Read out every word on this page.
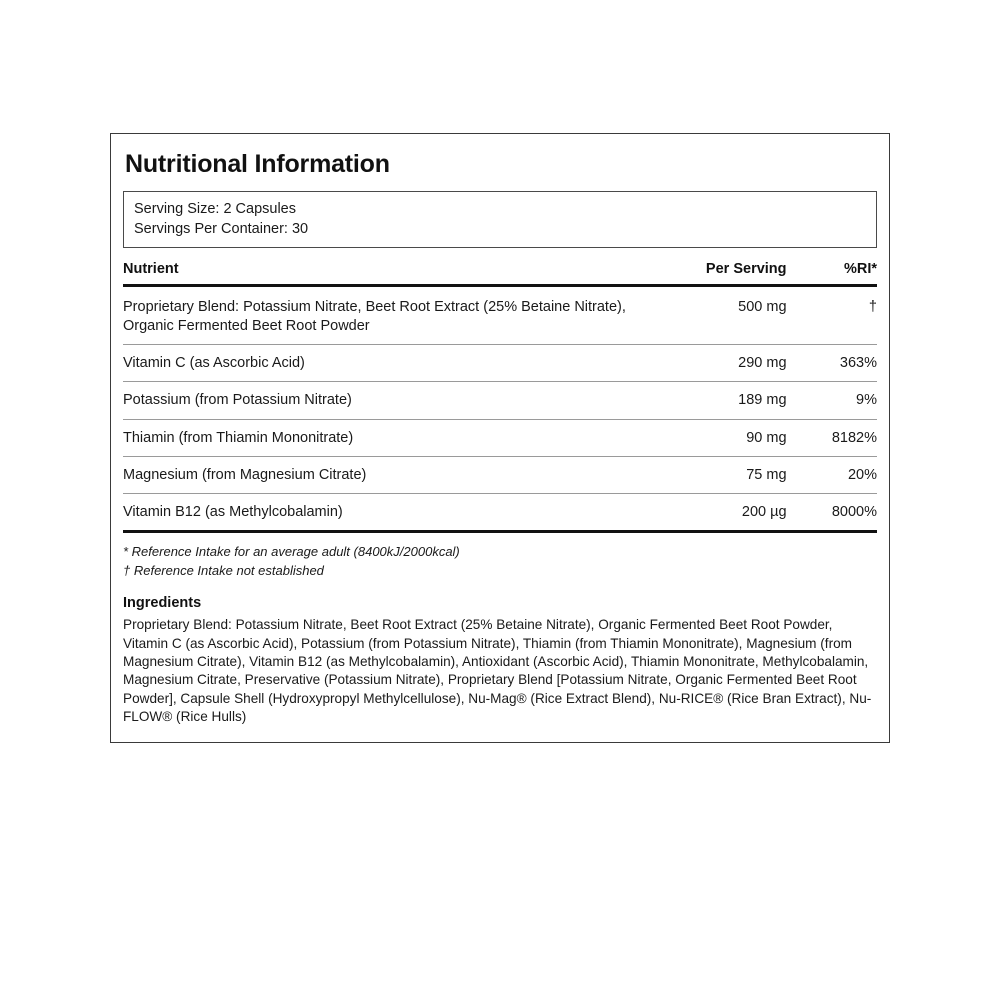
Nutritional Information
Serving Size: 2 Capsules
Servings Per Container: 30
Nutrient	Per Serving	%RI*
Proprietary Blend: Potassium Nitrate, Beet Root Extract (25% Betaine Nitrate), Organic Fermented Beet Root Powder	500 mg	†
Vitamin C (as Ascorbic Acid)	290 mg	363%
Potassium (from Potassium Nitrate)	189 mg	9%
Thiamin (from Thiamin Mononitrate)	90 mg	8182%
Magnesium (from Magnesium Citrate)	75 mg	20%
Vitamin B12 (as Methylcobalamin)	200 µg	8000%
* Reference Intake for an average adult (8400kJ/2000kcal)
† Reference Intake not established
Ingredients
Proprietary Blend: Potassium Nitrate, Beet Root Extract (25% Betaine Nitrate), Organic Fermented Beet Root Powder, Vitamin C (as Ascorbic Acid), Potassium (from Potassium Nitrate), Thiamin (from Thiamin Mononitrate), Magnesium (from Magnesium Citrate), Vitamin B12 (as Methylcobalamin), Antioxidant (Ascorbic Acid), Thiamin Mononitrate, Methylcobalamin, Magnesium Citrate, Preservative (Potassium Nitrate), Proprietary Blend [Potassium Nitrate, Organic Fermented Beet Root Powder], Capsule Shell (Hydroxypropyl Methylcellulose), Nu-Mag® (Rice Extract Blend), Nu-RICE® (Rice Bran Extract), Nu-FLOW® (Rice Hulls)
